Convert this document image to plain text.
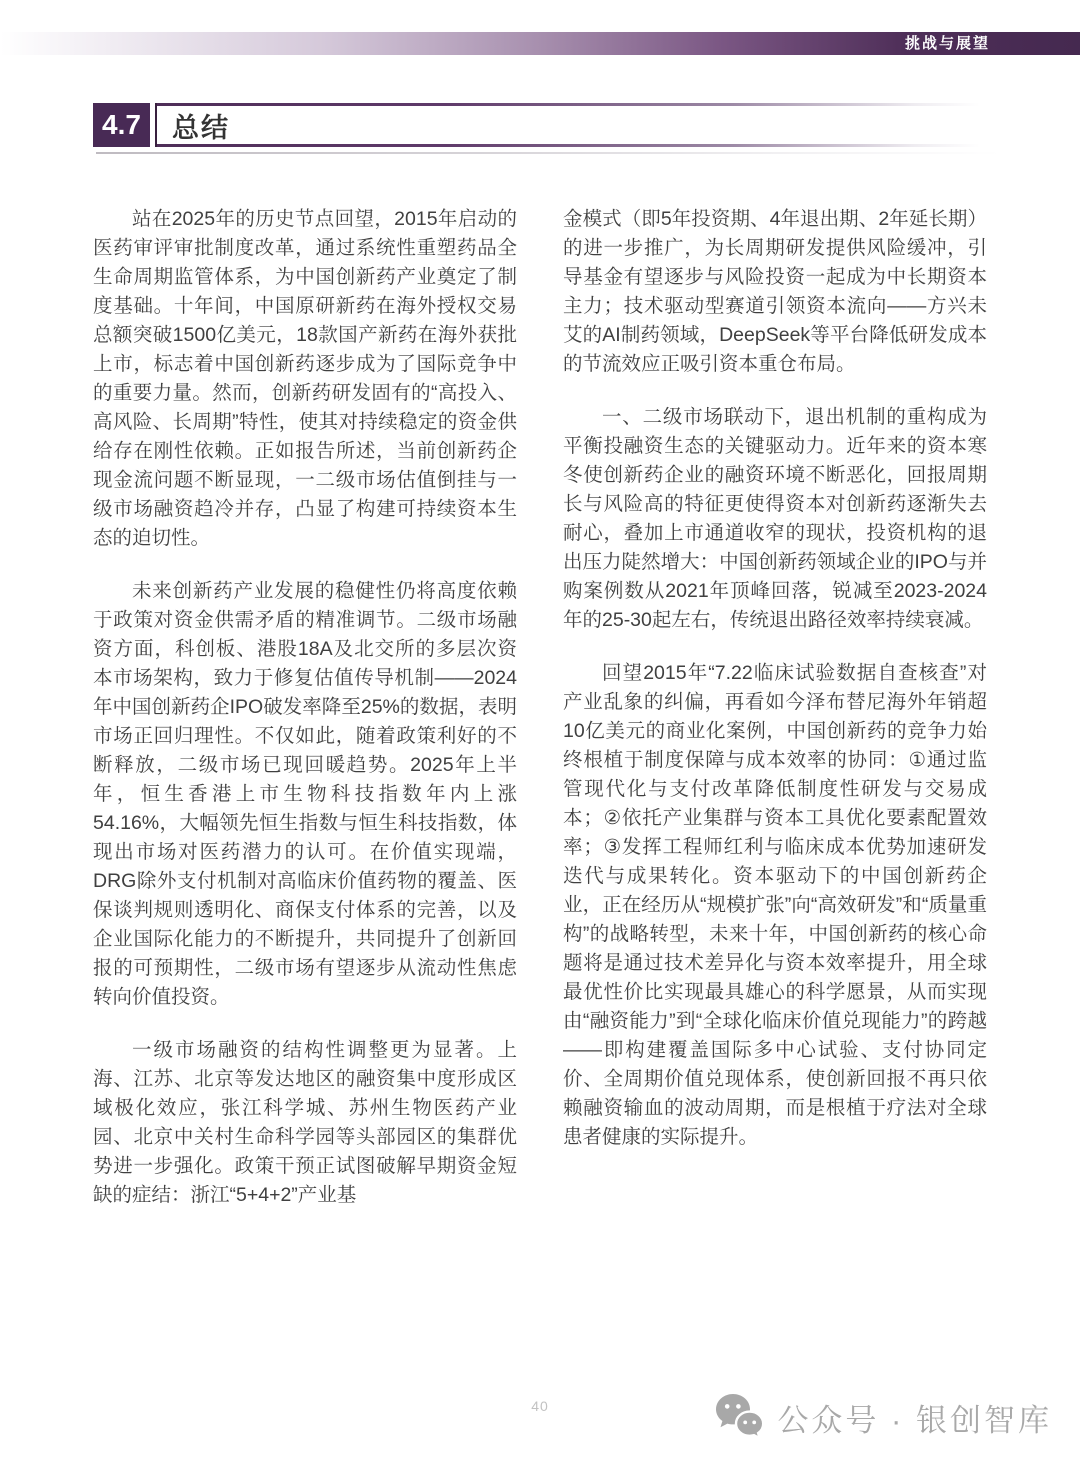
挑战与展望
4.7	总结

站在2025年的历史节点回望，2015年启动的医药审评审批制度改革，通过系统性重塑药品全生命周期监管体系，为中国创新药产业奠定了制度基础。十年间，中国原研新药在海外授权交易总额突破1500亿美元，18款国产新药在海外获批上市，标志着中国创新药逐步成为了国际竞争中的重要力量。然而，创新药研发固有的“高投入、高风险、长周期”特性，使其对持续稳定的资金供给存在刚性依赖。正如报告所述，当前创新药企现金流问题不断显现，一二级市场估值倒挂与一级市场融资趋冷并存，凸显了构建可持续资本生态的迫切性。

未来创新药产业发展的稳健性仍将高度依赖于政策对资金供需矛盾的精准调节。二级市场融资方面，科创板、港股18A及北交所的多层次资本市场架构，致力于修复估值传导机制——2024年中国创新药企IPO破发率降至25%的数据，表明市场正回归理性。不仅如此，随着政策利好的不断释放，二级市场已现回暖趋势。2025年上半年，恒生香港上市生物科技指数年内上涨54.16%，大幅领先恒生指数与恒生科技指数，体现出市场对医药潜力的认可。在价值实现端，DRG除外支付机制对高临床价值药物的覆盖、医保谈判规则透明化、商保支付体系的完善，以及企业国际化能力的不断提升，共同提升了创新回报的可预期性，二级市场有望逐步从流动性焦虑转向价值投资。

一级市场融资的结构性调整更为显著。上海、江苏、北京等发达地区的融资集中度形成区域极化效应，张江科学城、苏州生物医药产业园、北京中关村生命科学园等头部园区的集群优势进一步强化。政策干预正试图破解早期资金短缺的症结：浙江“5+4+2”产业基

金模式（即5年投资期、4年退出期、2年延长期）的进一步推广，为长周期研发提供风险缓冲，引导基金有望逐步与风险投资一起成为中长期资本主力；技术驱动型赛道引领资本流向——方兴未艾的AI制药领域，DeepSeek等平台降低研发成本的节流效应正吸引资本重仓布局。

一、二级市场联动下，退出机制的重构成为平衡投融资生态的关键驱动力。近年来的资本寒冬使创新药企业的融资环境不断恶化，回报周期长与风险高的特征更使得资本对创新药逐渐失去耐心，叠加上市通道收窄的现状，投资机构的退出压力陡然增大：中国创新药领域企业的IPO与并购案例数从2021年顶峰回落，锐减至2023-2024年的25-30起左右，传统退出路径效率持续衰减。

回望2015年“7.22临床试验数据自查核查”对产业乱象的纠偏，再看如今泽布替尼海外年销超10亿美元的商业化案例，中国创新药的竞争力始终根植于制度保障与成本效率的协同：①通过监管现代化与支付改革降低制度性研发与交易成本；②依托产业集群与资本工具优化要素配置效率；③发挥工程师红利与临床成本优势加速研发迭代与成果转化。资本驱动下的中国创新药企业，正在经历从“规模扩张”向“高效研发”和“质量重构”的战略转型，未来十年，中国创新药的核心命题将是通过技术差异化与资本效率提升，用全球最优性价比实现最具雄心的科学愿景，从而实现由“融资能力”到“全球化临床价值兑现能力”的跨越——即构建覆盖国际多中心试验、支付协同定价、全周期价值兑现体系，使创新回报不再只依赖融资输血的波动周期，而是根植于疗法对全球患者健康的实际提升。

40	公众号 · 银创智库
